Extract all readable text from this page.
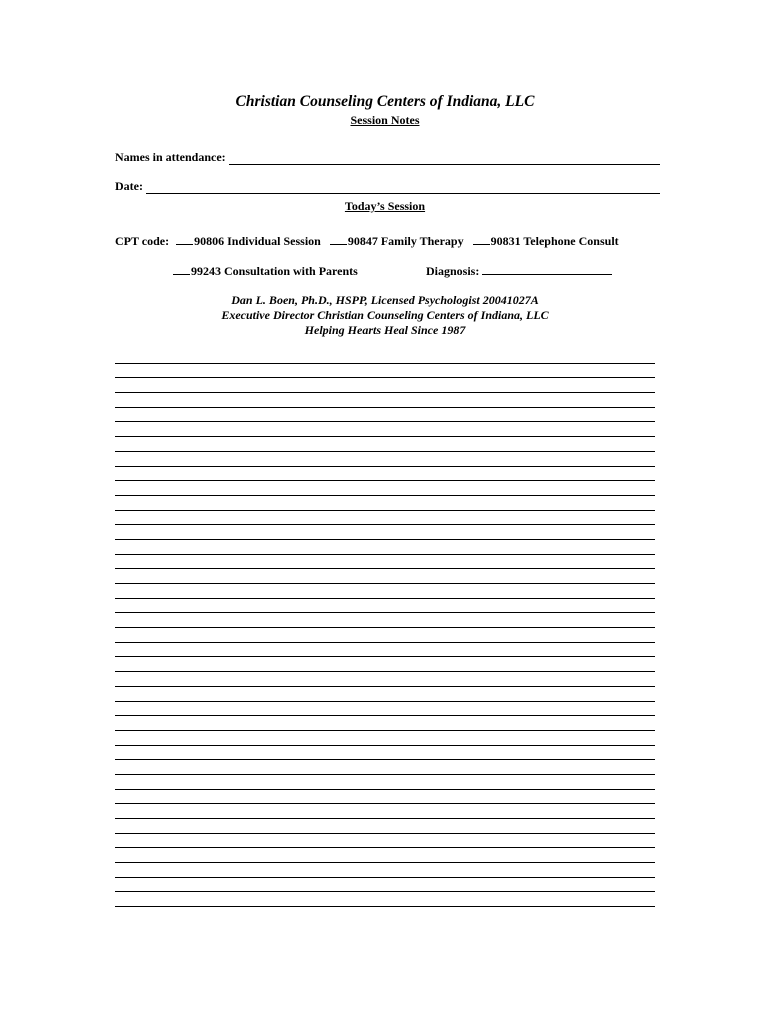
Christian Counseling Centers of Indiana, LLC
Session Notes
Names in attendance:
Date:
Today’s Session
CPT code: 90806 Individual Session 90847 Family Therapy 90831 Telephone Consult
99243 Consultation with Parents	Diagnosis:
Dan L. Boen, Ph.D., HSPP, Licensed Psychologist 20041027A
Executive Director Christian Counseling Centers of Indiana, LLC
Helping Hearts Heal Since 1987
